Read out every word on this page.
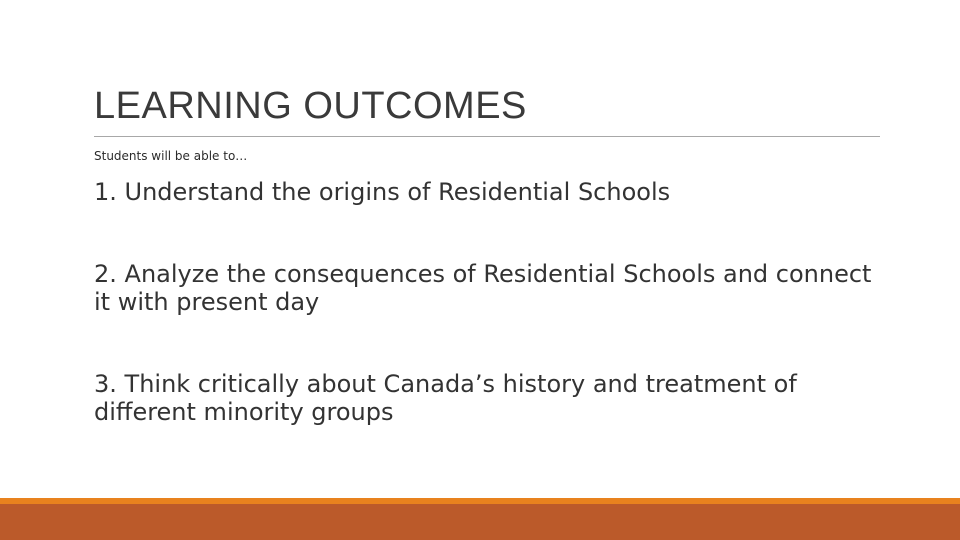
LEARNING OUTCOMES

Students will be able to…

1. Understand the origins of Residential Schools

2. Analyze the consequences of Residential Schools and connect it with present day

3. Think critically about Canada’s history and treatment of different minority groups
